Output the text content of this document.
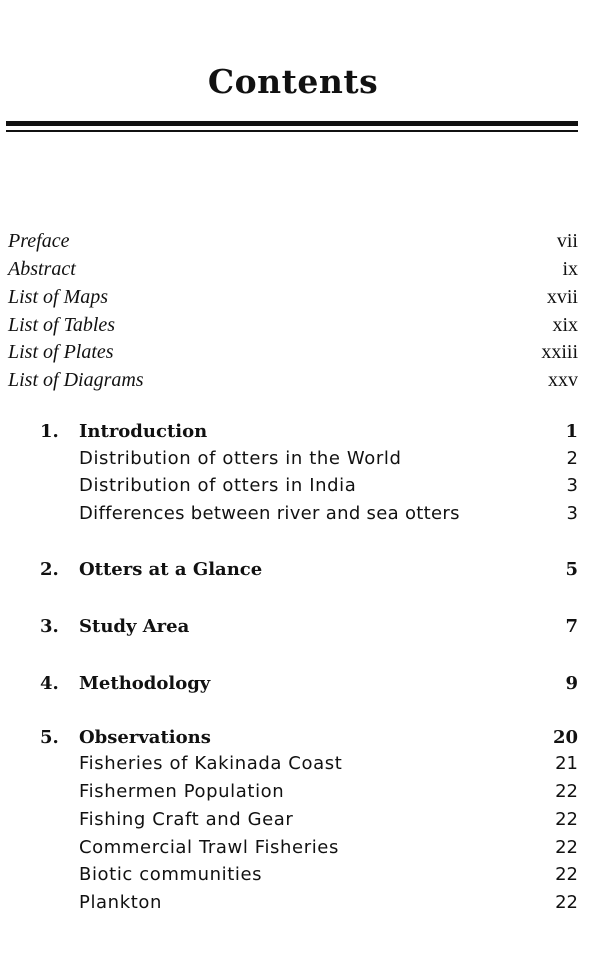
Contents
Preface	vii
Abstract	ix
List of Maps	xvii
List of Tables	xix
List of Plates	xxiii
List of Diagrams	xxv
1. Introduction	1
Distribution of otters in the World	2
Distribution of otters in India	3
Differences between river and sea otters	3
2. Otters at a Glance	5
3. Study Area	7
4. Methodology	9
5. Observations	20
Fisheries of Kakinada Coast	21
Fishermen Population	22
Fishing Craft and Gear	22
Commercial Trawl Fisheries	22
Biotic communities	22
Plankton	22
